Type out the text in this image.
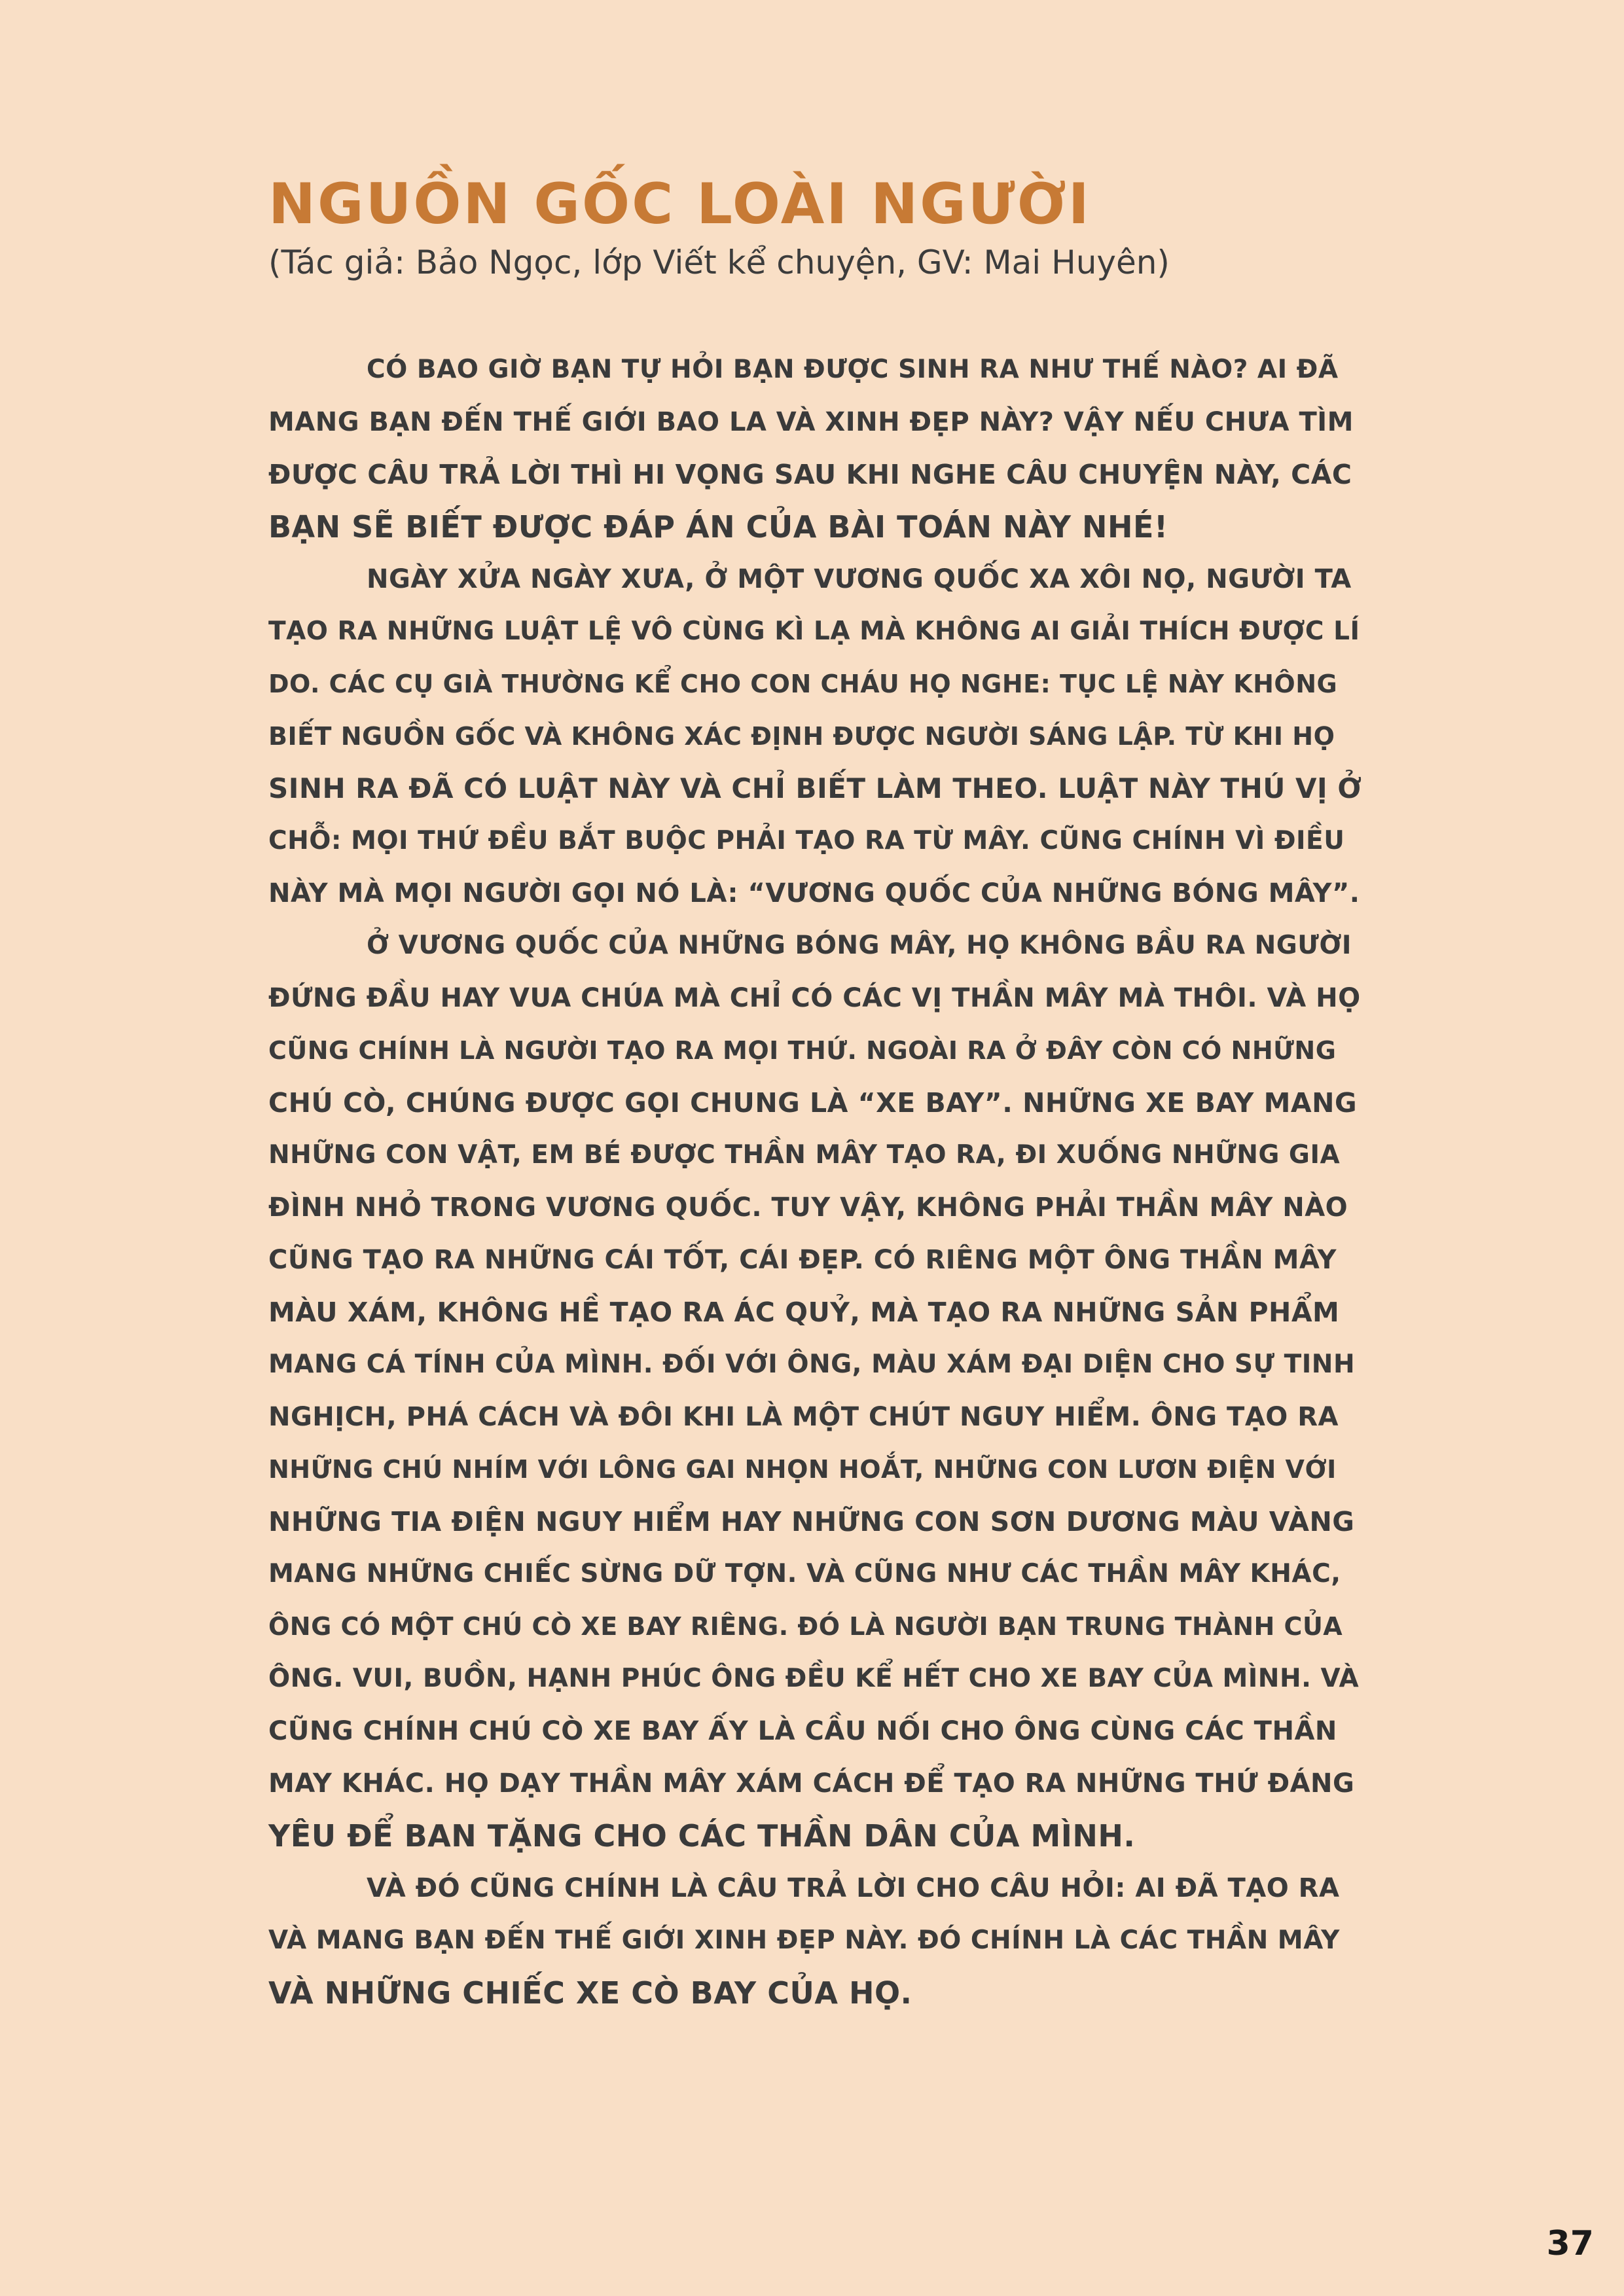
NGUỒN GỐC LOÀI NGƯỜI

(Tác giả: Bảo Ngọc, lớp Viết kể chuyện, GV: Mai Huyên)

CÓ BAO GIỜ BẠN TỰ HỎI BẠN ĐƯỢC SINH RA NHƯ THẾ NÀO? AI ĐÃ
MANG BẠN ĐẾN THẾ GIỚI BAO LA VÀ XINH ĐẸP NÀY? VẬY NẾU CHƯA TÌM
ĐƯỢC CÂU TRẢ LỜI THÌ HI VỌNG SAU KHI NGHE CÂU CHUYỆN NÀY, CÁC
BẠN SẼ BIẾT ĐƯỢC ĐÁP ÁN CỦA BÀI TOÁN NÀY NHÉ!
NGÀY XỬA NGÀY XƯA, Ở MỘT VƯƠNG QUỐC XA XÔI NỌ, NGƯỜI TA
TẠO RA NHỮNG LUẬT LỆ VÔ CÙNG KÌ LẠ MÀ KHÔNG AI GIẢI THÍCH ĐƯỢC LÍ
DO. CÁC CỤ GIÀ THƯỜNG KỂ CHO CON CHÁU HỌ NGHE: TỤC LỆ NÀY KHÔNG
BIẾT NGUỒN GỐC VÀ KHÔNG XÁC ĐỊNH ĐƯỢC NGƯỜI SÁNG LẬP. TỪ KHI HỌ
SINH RA ĐÃ CÓ LUẬT NÀY VÀ CHỈ BIẾT LÀM THEO. LUẬT NÀY THÚ VỊ Ở
CHỖ: MỌI THỨ ĐỀU BẮT BUỘC PHẢI TẠO RA TỪ MÂY. CŨNG CHÍNH VÌ ĐIỀU
NÀY MÀ MỌI NGƯỜI GỌI NÓ LÀ: “VƯƠNG QUỐC CỦA NHỮNG BÓNG MÂY”.
Ở VƯƠNG QUỐC CỦA NHỮNG BÓNG MÂY, HỌ KHÔNG BẦU RA NGƯỜI
ĐỨNG ĐẦU HAY VUA CHÚA MÀ CHỈ CÓ CÁC VỊ THẦN MÂY MÀ THÔI. VÀ HỌ
CŨNG CHÍNH LÀ NGƯỜI TẠO RA MỌI THỨ. NGOÀI RA Ở ĐÂY CÒN CÓ NHỮNG
CHÚ CÒ, CHÚNG ĐƯỢC GỌI CHUNG LÀ “XE BAY”. NHỮNG XE BAY MANG
NHỮNG CON VẬT, EM BÉ ĐƯỢC THẦN MÂY TẠO RA, ĐI XUỐNG NHỮNG GIA
ĐÌNH NHỎ TRONG VƯƠNG QUỐC. TUY VẬY, KHÔNG PHẢI THẦN MÂY NÀO
CŨNG TẠO RA NHỮNG CÁI TỐT, CÁI ĐẸP. CÓ RIÊNG MỘT ÔNG THẦN MÂY
MÀU XÁM, KHÔNG HỀ TẠO RA ÁC QUỶ, MÀ TẠO RA NHỮNG SẢN PHẨM
MANG CÁ TÍNH CỦA MÌNH. ĐỐI VỚI ÔNG, MÀU XÁM ĐẠI DIỆN CHO SỰ TINH
NGHỊCH, PHÁ CÁCH VÀ ĐÔI KHI LÀ MỘT CHÚT NGUY HIỂM. ÔNG TẠO RA
NHỮNG CHÚ NHÍM VỚI LÔNG GAI NHỌN HOẮT, NHỮNG CON LƯƠN ĐIỆN VỚI
NHỮNG TIA ĐIỆN NGUY HIỂM HAY NHỮNG CON SƠN DƯƠNG MÀU VÀNG
MANG NHỮNG CHIẾC SỪNG DỮ TỢN. VÀ CŨNG NHƯ CÁC THẦN MÂY KHÁC,
ÔNG CÓ MỘT CHÚ CÒ XE BAY RIÊNG. ĐÓ LÀ NGƯỜI BẠN TRUNG THÀNH CỦA
ÔNG. VUI, BUỒN, HẠNH PHÚC ÔNG ĐỀU KỂ HẾT CHO XE BAY CỦA MÌNH. VÀ
CŨNG CHÍNH CHÚ CÒ XE BAY ẤY LÀ CẦU NỐI CHO ÔNG CÙNG CÁC THẦN
MAY KHÁC. HỌ DẠY THẦN MÂY XÁM CÁCH ĐỂ TẠO RA NHỮNG THỨ ĐÁNG
YÊU ĐỂ BAN TẶNG CHO CÁC THẦN DÂN CỦA MÌNH.
VÀ ĐÓ CŨNG CHÍNH LÀ CÂU TRẢ LỜI CHO CÂU HỎI: AI ĐÃ TẠO RA
VÀ MANG BẠN ĐẾN THẾ GIỚI XINH ĐẸP NÀY. ĐÓ CHÍNH LÀ CÁC THẦN MÂY
VÀ NHỮNG CHIẾC XE CÒ BAY CỦA HỌ.

37
